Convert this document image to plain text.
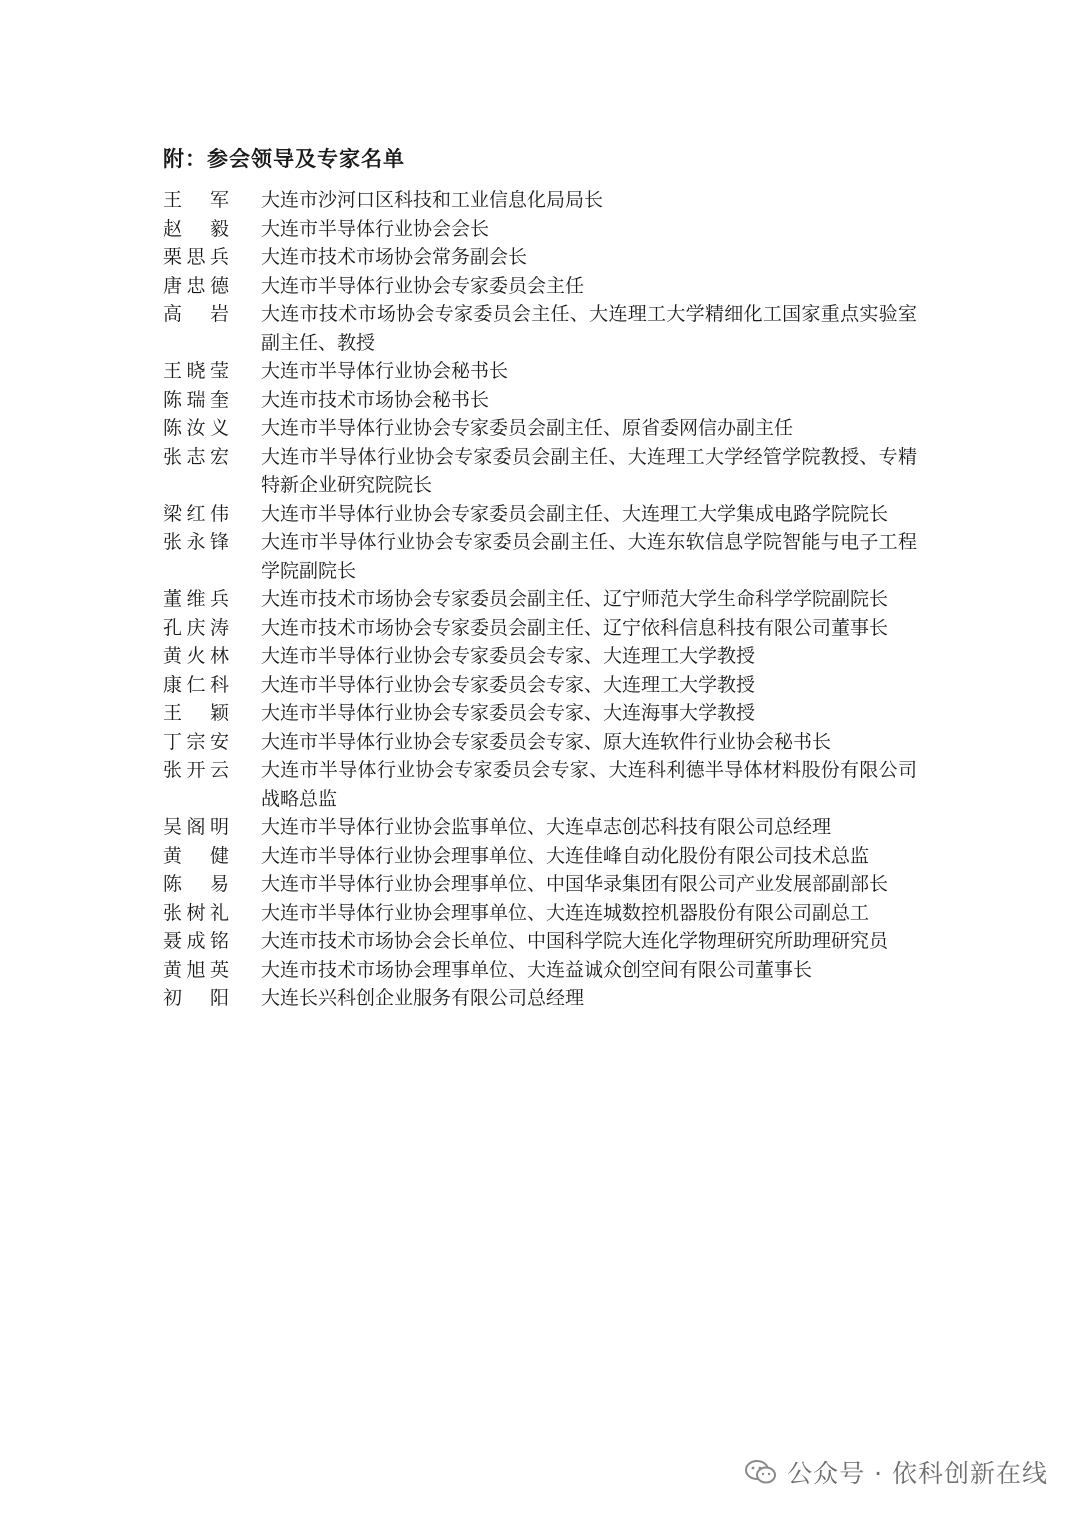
附：参会领导及专家名单
王 军 大连市沙河口区科技和工业信息化局局长
赵 毅 大连市半导体行业协会会长
栗思兵 大连市技术市场协会常务副会长
唐忠德 大连市半导体行业协会专家委员会主任
高 岩 大连市技术市场协会专家委员会主任、大连理工大学精细化工国家重点实验室副主任、教授
王晓莹 大连市半导体行业协会秘书长
陈瑞奎 大连市技术市场协会秘书长
陈汝义 大连市半导体行业协会专家委员会副主任、原省委网信办副主任
张志宏 大连市半导体行业协会专家委员会副主任、大连理工大学经管学院教授、专精特新企业研究院院长
梁红伟 大连市半导体行业协会专家委员会副主任、大连理工大学集成电路学院院长
张永锋 大连市半导体行业协会专家委员会副主任、大连东软信息学院智能与电子工程学院副院长
董维兵 大连市技术市场协会专家委员会副主任、辽宁师范大学生命科学学院副院长
孔庆涛 大连市技术市场协会专家委员会副主任、辽宁依科信息科技有限公司董事长
黄火林 大连市半导体行业协会专家委员会专家、大连理工大学教授
康仁科 大连市半导体行业协会专家委员会专家、大连理工大学教授
王 颖 大连市半导体行业协会专家委员会专家、大连海事大学教授
丁宗安 大连市半导体行业协会专家委员会专家、原大连软件行业协会秘书长
张开云 大连市半导体行业协会专家委员会专家、大连科利德半导体材料股份有限公司战略总监
吴阁明 大连市半导体行业协会监事单位、大连卓志创芯科技有限公司总经理
黄 健 大连市半导体行业协会理事单位、大连佳峰自动化股份有限公司技术总监
陈 易 大连市半导体行业协会理事单位、中国华录集团有限公司产业发展部副部长
张树礼 大连市半导体行业协会理事单位、大连连城数控机器股份有限公司副总工
聂成铭 大连市技术市场协会会长单位、中国科学院大连化学物理研究所助理研究员
黄旭英 大连市技术市场协会理事单位、大连益诚众创空间有限公司董事长
初 阳 大连长兴科创企业服务有限公司总经理
公众号 · 依科创新在线
